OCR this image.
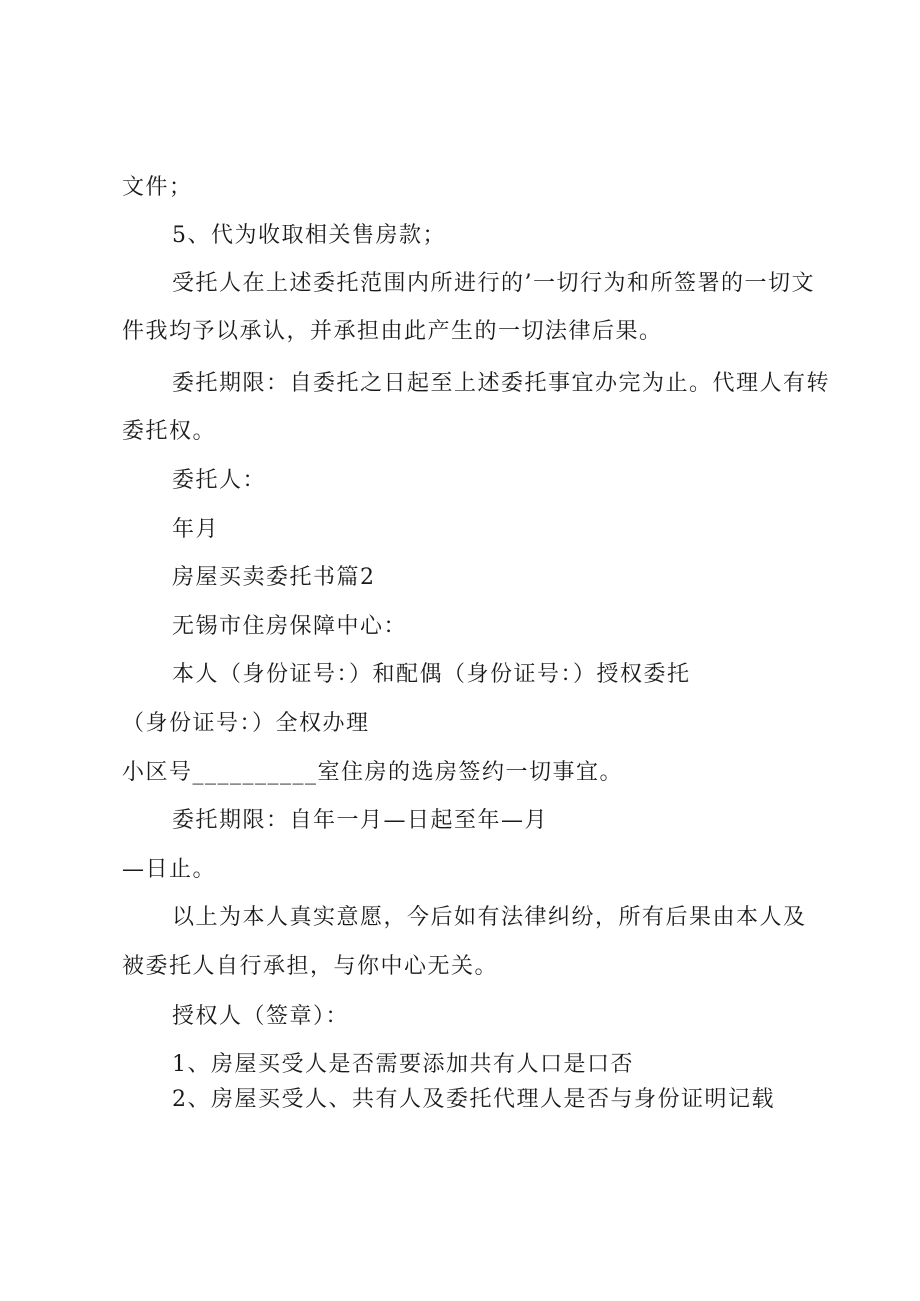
文件；
5、代为收取相关售房款；
受托人在上述委托范围内所进行的’一切行为和所签署的一切文
件我均予以承认，并承担由此产生的一切法律后果。
委托期限：自委托之日起至上述委托事宜办完为止。代理人有转
委托权。
委托人：
年月
房屋买卖委托书篇2
无锡市住房保障中心：
本人（身份证号：）和配偶（身份证号：）授权委托
（身份证号：）全权办理
小区号__________室住房的选房签约一切事宜。
委托期限：自年一月—日起至年—月
—日止。
以上为本人真实意愿，今后如有法律纠纷，所有后果由本人及
被委托人自行承担，与你中心无关。
授权人（签章）：
1、房屋买受人是否需要添加共有人口是口否
2、房屋买受人、共有人及委托代理人是否与身份证明记载
